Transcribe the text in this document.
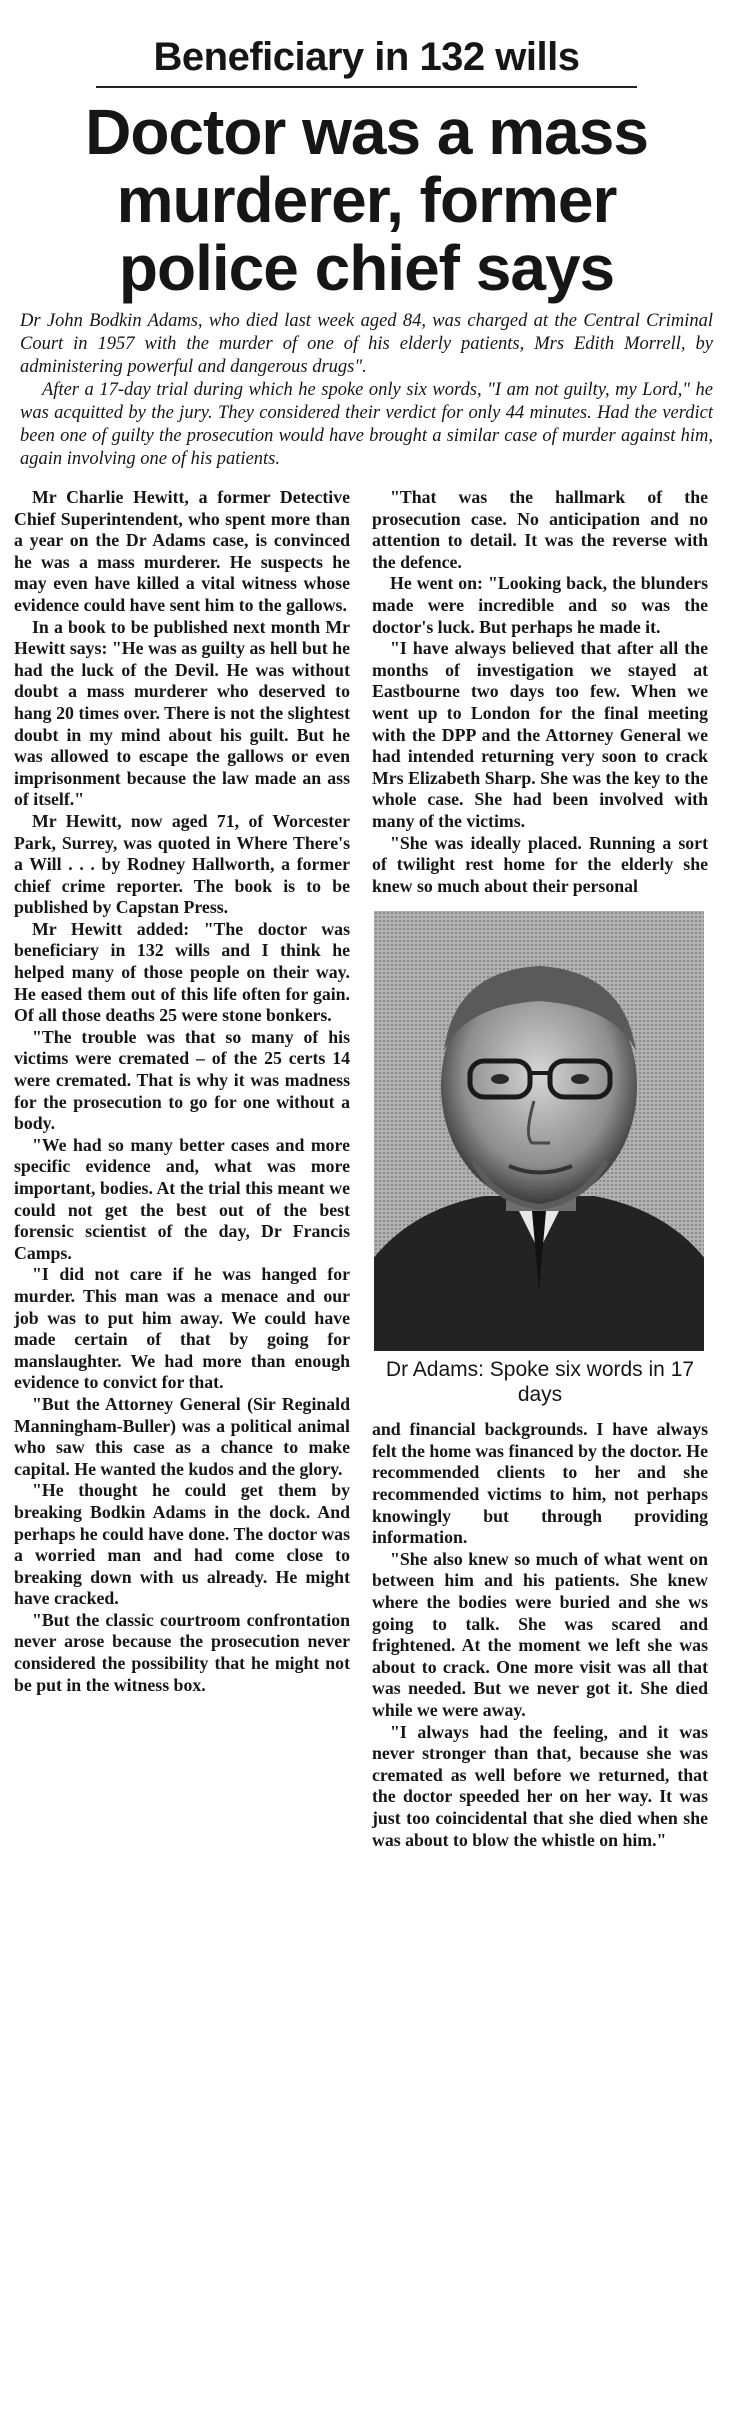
Beneficiary in 132 wills
Doctor was a mass
murderer, former
police chief says

Dr John Bodkin Adams, who died last week aged 84, was charged at the Central Criminal Court in 1957 with the murder of one of his elderly patients, Mrs Edith Morrell, by administering powerful and dangerous drugs".

After a 17-day trial during which he spoke only six words, "I am not guilty, my Lord," he was acquitted by the jury. They considered their verdict for only 44 minutes. Had the verdict been one of guilty the prosecution would have brought a similar case of murder against him, again involving one of his patients.

Mr Charlie Hewitt, a former Detective Chief Superintendent, who spent more than a year on the Dr Adams case, is convinced he was a mass murderer. He suspects he may even have killed a vital witness whose evidence could have sent him to the gallows.

In a book to be published next month Mr Hewitt says: "He was as guilty as hell but he had the luck of the Devil. He was without doubt a mass murderer who deserved to hang 20 times over. There is not the slightest doubt in my mind about his guilt. But he was allowed to escape the gallows or even imprisonment because the law made an ass of itself."

Mr Hewitt, now aged 71, of Worcester Park, Surrey, was quoted in Where There's a Will . . . by Rodney Hallworth, a former chief crime reporter. The book is to be published by Capstan Press.

Mr Hewitt added: "The doctor was beneficiary in 132 wills and I think he helped many of those people on their way. He eased them out of this life often for gain. Of all those deaths 25 were stone bonkers.

"The trouble was that so many of his victims were cremated – of the 25 certs 14 were cremated. That is why it was madness for the prosecution to go for one without a body.

"We had so many better cases and more specific evidence and, what was more important, bodies. At the trial this meant we could not get the best out of the best forensic scientist of the day, Dr Francis Camps.

"I did not care if he was hanged for murder. This man was a menace and our job was to put him away. We could have made certain of that by going for manslaughter. We had more than enough evidence to convict for that.

"But the Attorney General (Sir Reginald Manningham-Buller) was a political animal who saw this case as a chance to make capital. He wanted the kudos and the glory.

"He thought he could get them by breaking Bodkin Adams in the dock. And perhaps he could have done. The doctor was a worried man and had come close to breaking down with us already. He might have cracked.

"But the classic courtroom confrontation never arose because the prosecution never considered the possibility that he might not be put in the witness box.

"That was the hallmark of the prosecution case. No anticipation and no attention to detail. It was the reverse with the defence.

He went on: "Looking back, the blunders made were incredible and so was the doctor's luck. But perhaps he made it.

"I have always believed that after all the months of investigation we stayed at Eastbourne two days too few. When we went up to London for the final meeting with the DPP and the Attorney General we had intended returning very soon to crack Mrs Elizabeth Sharp. She was the key to the whole case. She had been involved with many of the victims.

"She was ideally placed. Running a sort of twilight rest home for the elderly she knew so much about their personal

Dr Adams: Spoke six words in 17 days

and financial backgrounds. I have always felt the home was financed by the doctor. He recommended clients to her and she recommended victims to him, not perhaps knowingly but through providing information.

"She also knew so much of what went on between him and his patients. She knew where the bodies were buried and she ws going to talk. She was scared and frightened. At the moment we left she was about to crack. One more visit was all that was needed. But we never got it. She died while we were away.

"I always had the feeling, and it was never stronger than that, because she was cremated as well before we returned, that the doctor speeded her on her way. It was just too coincidental that she died when she was about to blow the whistle on him."
